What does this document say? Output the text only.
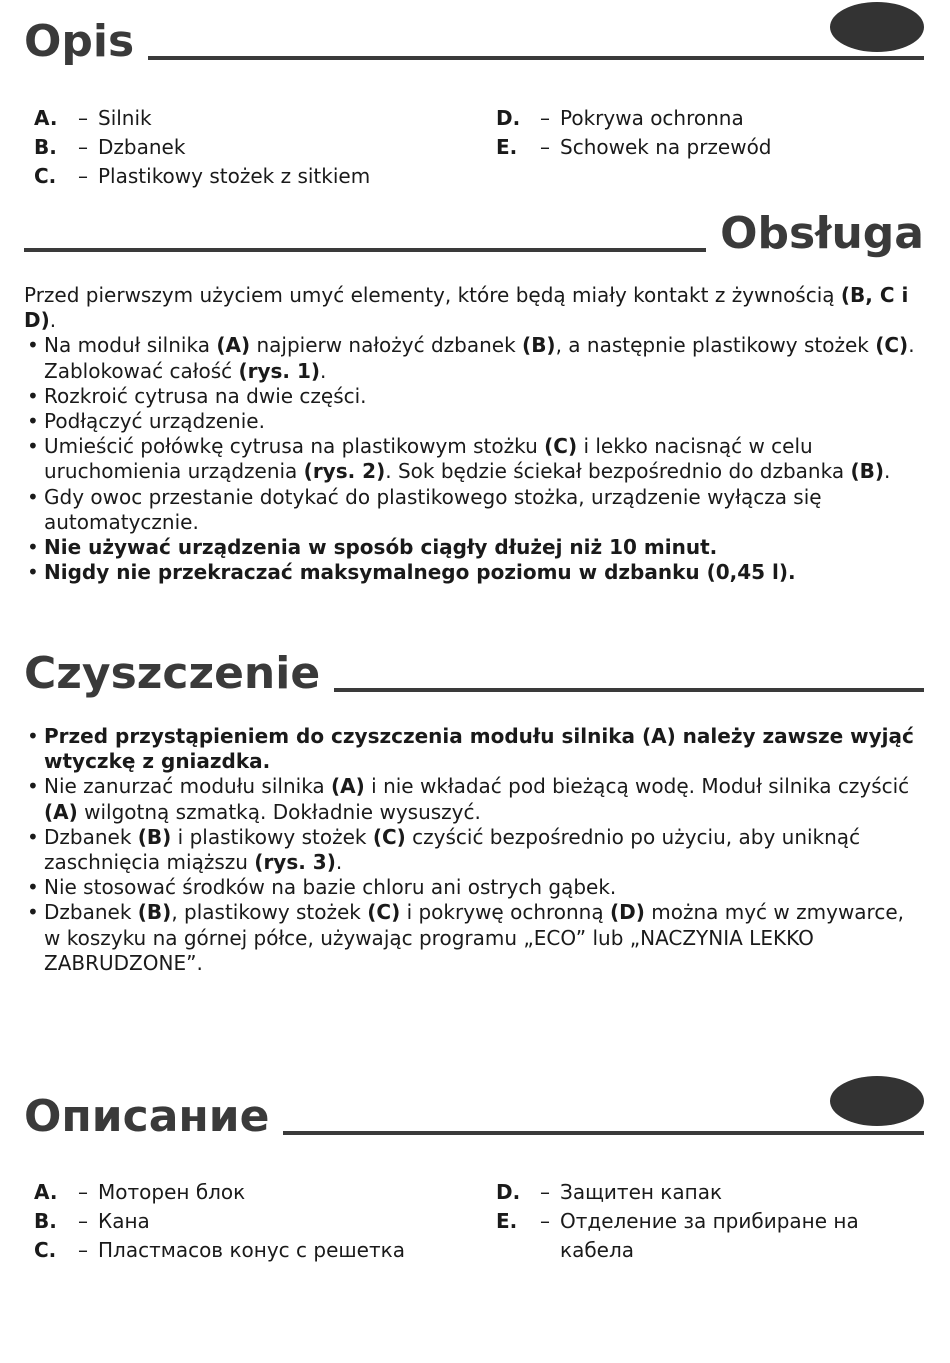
Opis
A.	– Silnik
B.	– Dzbanek
C.	– Plastikowy stożek z sitkiem
D. – Pokrywa ochronna
E.	– Schowek na przewód
Obsługa

Przed pierwszym użyciem umyć elementy, które będą miały kontakt z żywnością (B, C i D).

• Na moduł silnika (A) najpierw nałożyć dzbanek (B), a następnie plastikowy stożek (C). Zablokować całość (rys. 1).
• Rozkroić cytrusa na dwie części.
• Podłączyć urządzenie.
• Umieścić połówkę cytrusa na plastikowym stożku (C) i lekko nacisnąć w celu uruchomienia urządzenia (rys. 2). Sok będzie ściekał bezpośrednio do dzbanka (B).
• Gdy owoc przestanie dotykać do plastikowego stożka, urządzenie wyłącza się automatycznie.
• Nie używać urządzenia w sposób ciągły dłużej niż 10 minut.
• Nigdy nie przekraczać maksymalnego poziomu w dzbanku (0,45 l).
Czyszczenie
• Przed przystąpieniem do czyszczenia modułu silnika (A) należy zawsze wyjąć wtyczkę z gniazdka.
• Nie zanurzać modułu silnika (A) i nie wkładać pod bieżącą wodę. Moduł silnika czyścić (A) wilgotną szmatką. Dokładnie wysuszyć.
• Dzbanek (B) i plastikowy stożek (C) czyścić bezpośrednio po użyciu, aby uniknąć zaschnięcia miąższu (rys. 3).
• Nie stosować środków na bazie chloru ani ostrych gąbek.
• Dzbanek (B), plastikowy stożek (C) i pokrywę ochronną (D) można myć w zmywarce, w koszyku na górnej półce, używając programu „ECO” lub „NACZYNIA LEKKO ZABRUDZONE”.
Описание
A.	– Моторен блок
B.	– Кана
C.	– Пластмасов конус с решетка
D. – Защитен капак
E.	– Отделение за прибиране на кабела
